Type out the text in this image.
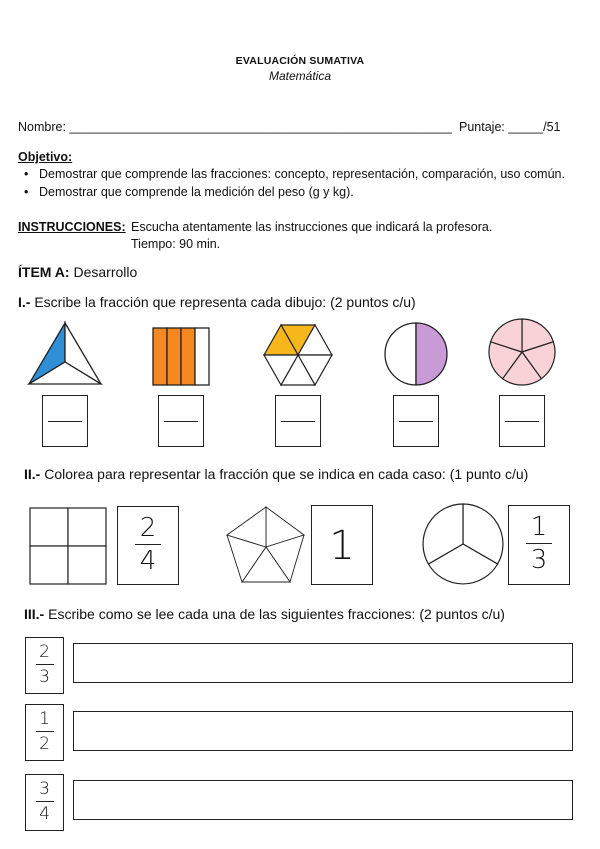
EVALUACIÓN SUMATIVA
Matemática
Nombre: _______________________________________________________ Puntaje: _____/51
Objetivo:
• Demostrar que comprende las fracciones: concepto, representación, comparación, uso común.
• Demostrar que comprende la medición del peso (g y kg).
INSTRUCCIONES: Escucha atentamente las instrucciones que indicará la profesora.
Tiempo: 90 min.
ÍTEM A: Desarrollo
I.- Escribe la fracción que representa cada dibujo: (2 puntos c/u)
II.- Colorea para representar la fracción que se indica en cada caso: (1 punto c/u)
2
4	1	1
3
III.- Escribe como se lee cada una de las siguientes fracciones: (2 puntos c/u)
2
3
1
2
3
4
